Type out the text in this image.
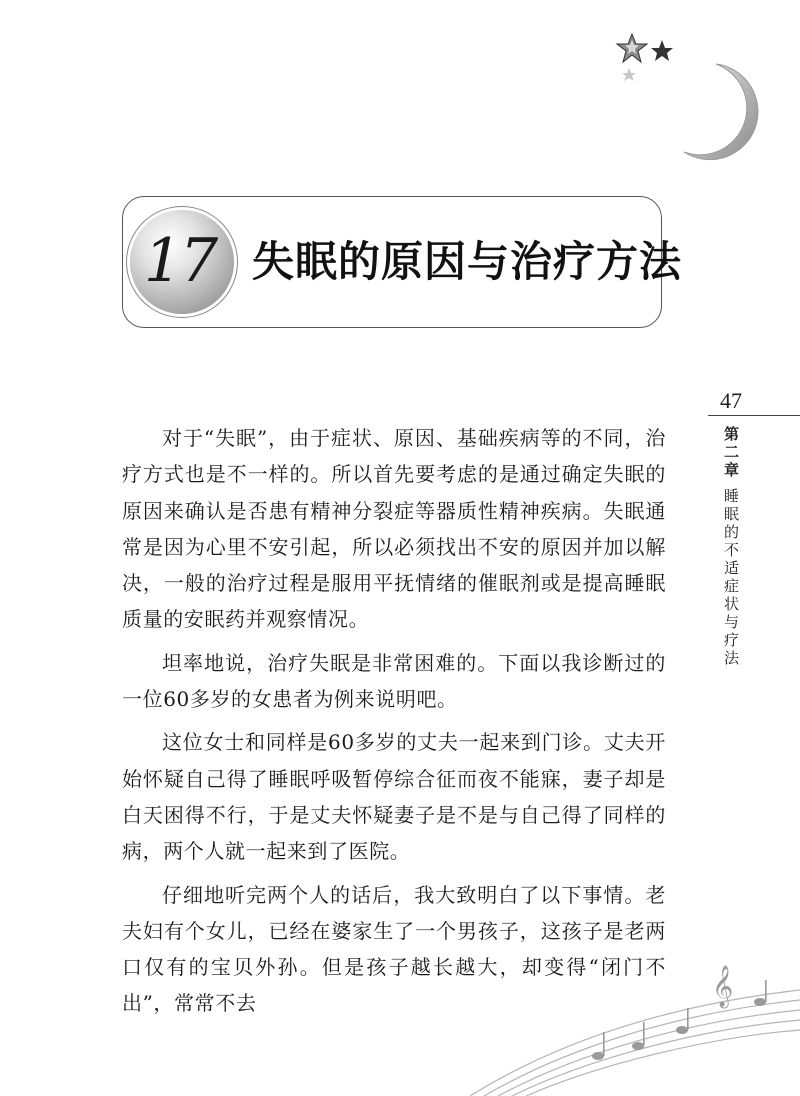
𝄞
17 失眠的原因与治疗方法
47
第二章
睡眠的不适症状与疗法

对于“失眠”，由于症状、原因、基础疾病等的不同，治疗方式也是不一样的。所以首先要考虑的是通过确定失眠的原因来确认是否患有精神分裂症等器质性精神疾病。失眠通常是因为心里不安引起，所以必须找出不安的原因并加以解决，一般的治疗过程是服用平抚情绪的催眠剂或是提高睡眠质量的安眠药并观察情况。

坦率地说，治疗失眠是非常困难的。下面以我诊断过的一位60多岁的女患者为例来说明吧。

这位女士和同样是60多岁的丈夫一起来到门诊。丈夫开始怀疑自己得了睡眠呼吸暂停综合征而夜不能寐，妻子却是白天困得不行，于是丈夫怀疑妻子是不是与自己得了同样的病，两个人就一起来到了医院。

仔细地听完两个人的话后，我大致明白了以下事情。老夫妇有个女儿，已经在婆家生了一个男孩子，这孩子是老两口仅有的宝贝外孙。但是孩子越长越大，却变得“闭门不出”，常常不去
